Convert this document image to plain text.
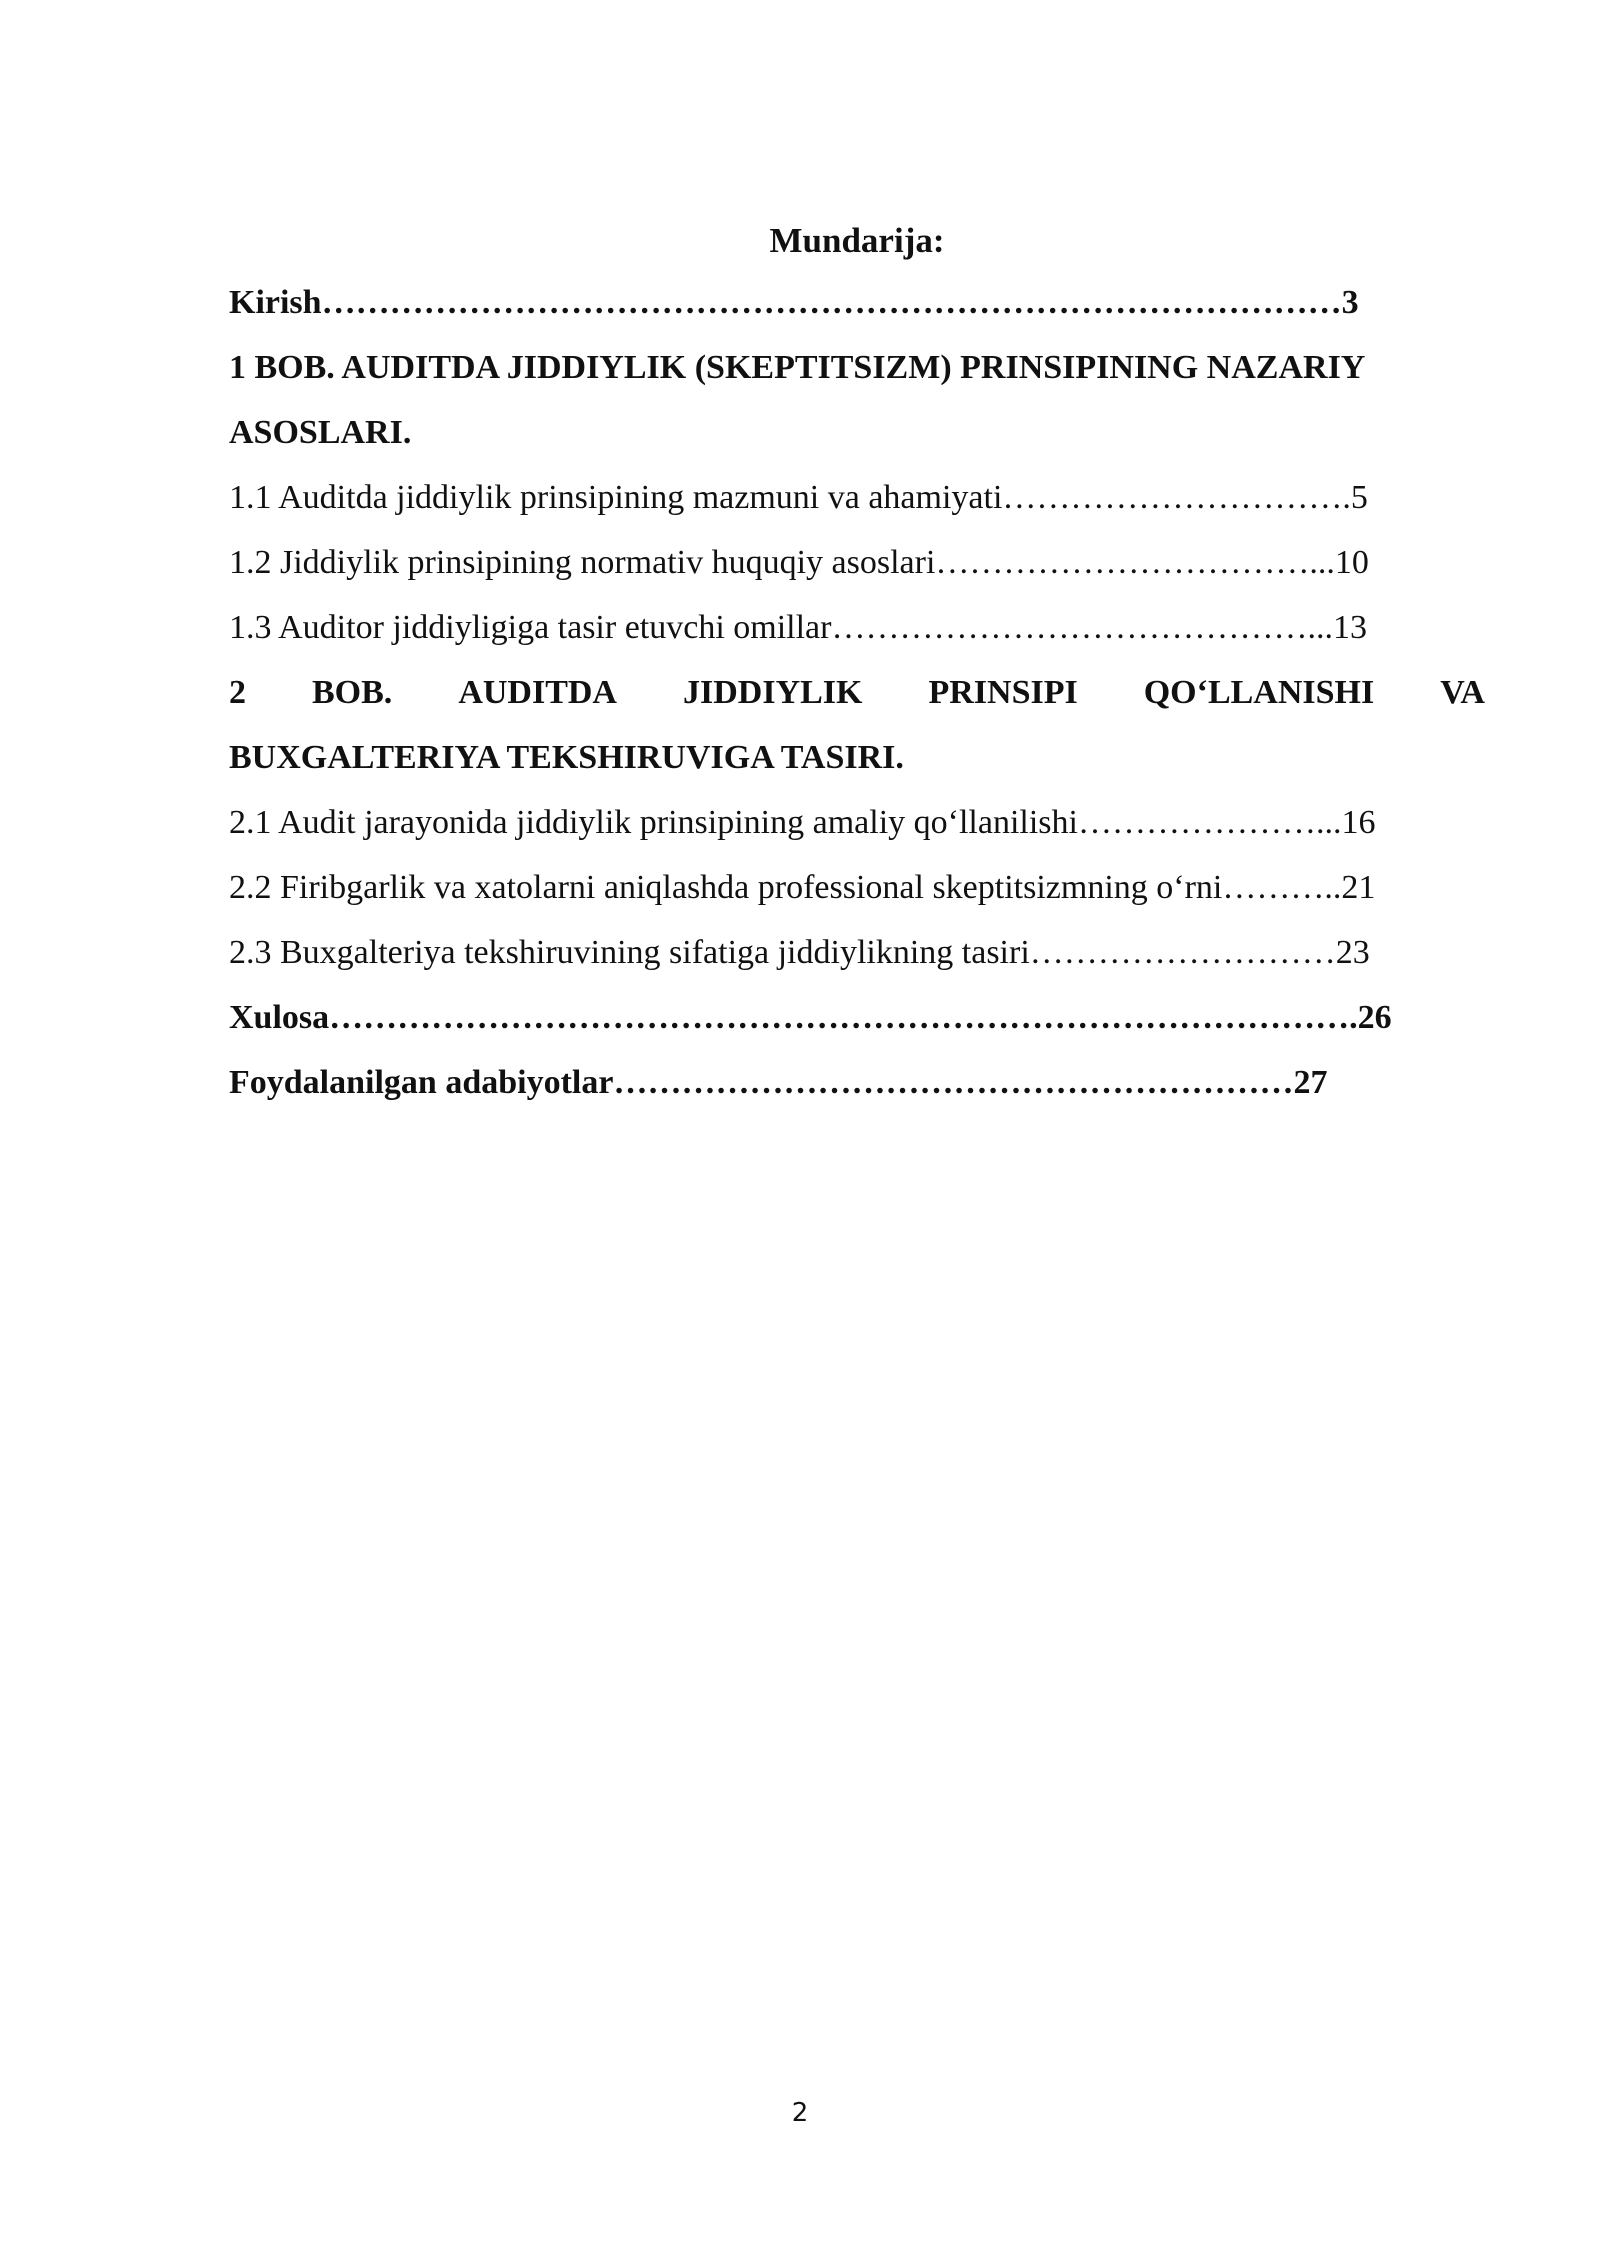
Mundarija:
Kirish………………………………………………………………………………3
1 BOB. AUDITDA JIDDIYLIK (SKEPTITSIZM) PRINSIPINING NAZARIY
ASOSLARI.
1.1 Auditda jiddiylik prinsipining mazmuni va ahamiyati………………………….5
1.2 Jiddiylik prinsipining normativ huquqiy asoslari……………………………...10
1.3 Auditor jiddiyligiga tasir etuvchi omillar……………………………………...13
2 BOB. AUDITDA JIDDIYLIK PRINSIPI QO‘LLANISHI VA
BUXGALTERIYA TEKSHIRUVIGA TASIRI.
2.1 Audit jarayonida jiddiylik prinsipining amaliy qo‘llanilishi…………………...16
2.2 Firibgarlik va xatolarni aniqlashda professional skeptitsizmning o‘rni………..21
2.3 Buxgalteriya tekshiruvining sifatiga jiddiylikning tasiri………………………23
Xulosa……………………………………………………………………………….26
Foydalanilgan adabiyotlar……………………………………………………27
2
